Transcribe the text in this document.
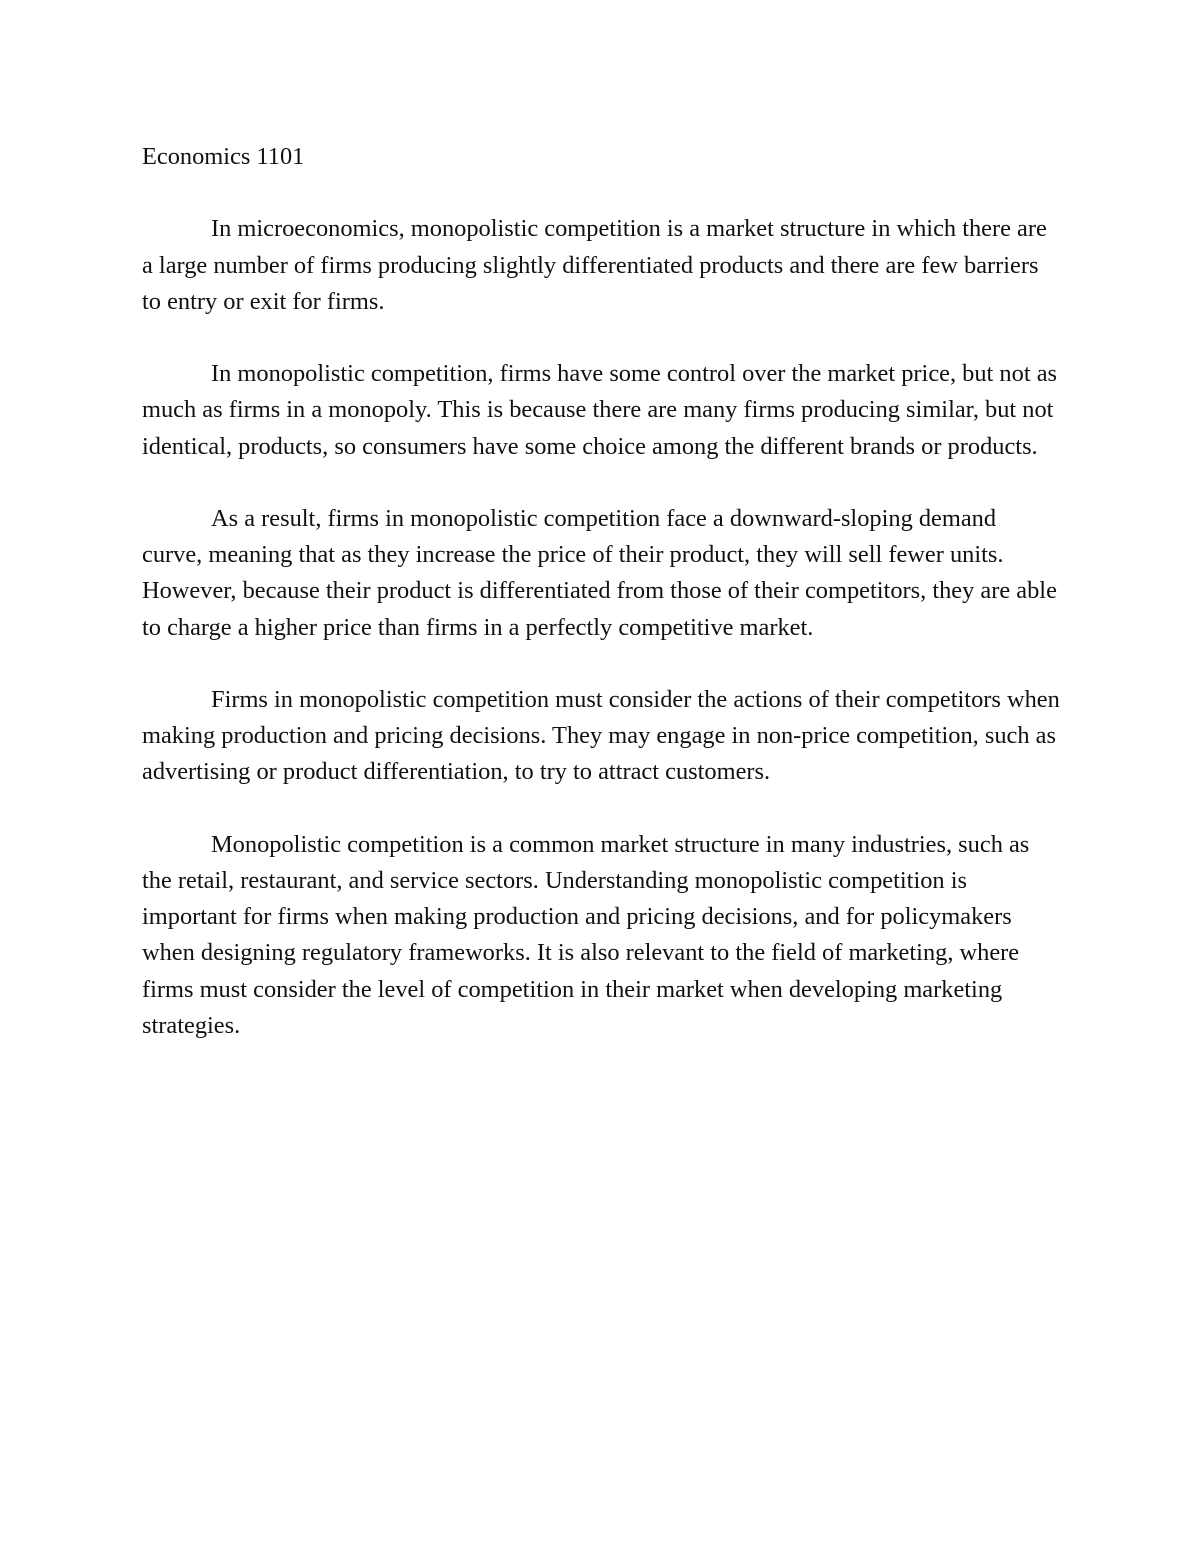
Economics 1101

In microeconomics, monopolistic competition is a market structure in which there are a large number of firms producing slightly differentiated products and there are few barriers to entry or exit for firms.

In monopolistic competition, firms have some control over the market price, but not as much as firms in a monopoly. This is because there are many firms producing similar, but not identical, products, so consumers have some choice among the different brands or products.

As a result, firms in monopolistic competition face a downward-sloping demand curve, meaning that as they increase the price of their product, they will sell fewer units. However, because their product is differentiated from those of their competitors, they are able to charge a higher price than firms in a perfectly competitive market.

Firms in monopolistic competition must consider the actions of their competitors when making production and pricing decisions. They may engage in non-price competition, such as advertising or product differentiation, to try to attract customers.

Monopolistic competition is a common market structure in many industries, such as the retail, restaurant, and service sectors. Understanding monopolistic competition is important for firms when making production and pricing decisions, and for policymakers when designing regulatory frameworks. It is also relevant to the field of marketing, where firms must consider the level of competition in their market when developing marketing strategies.
